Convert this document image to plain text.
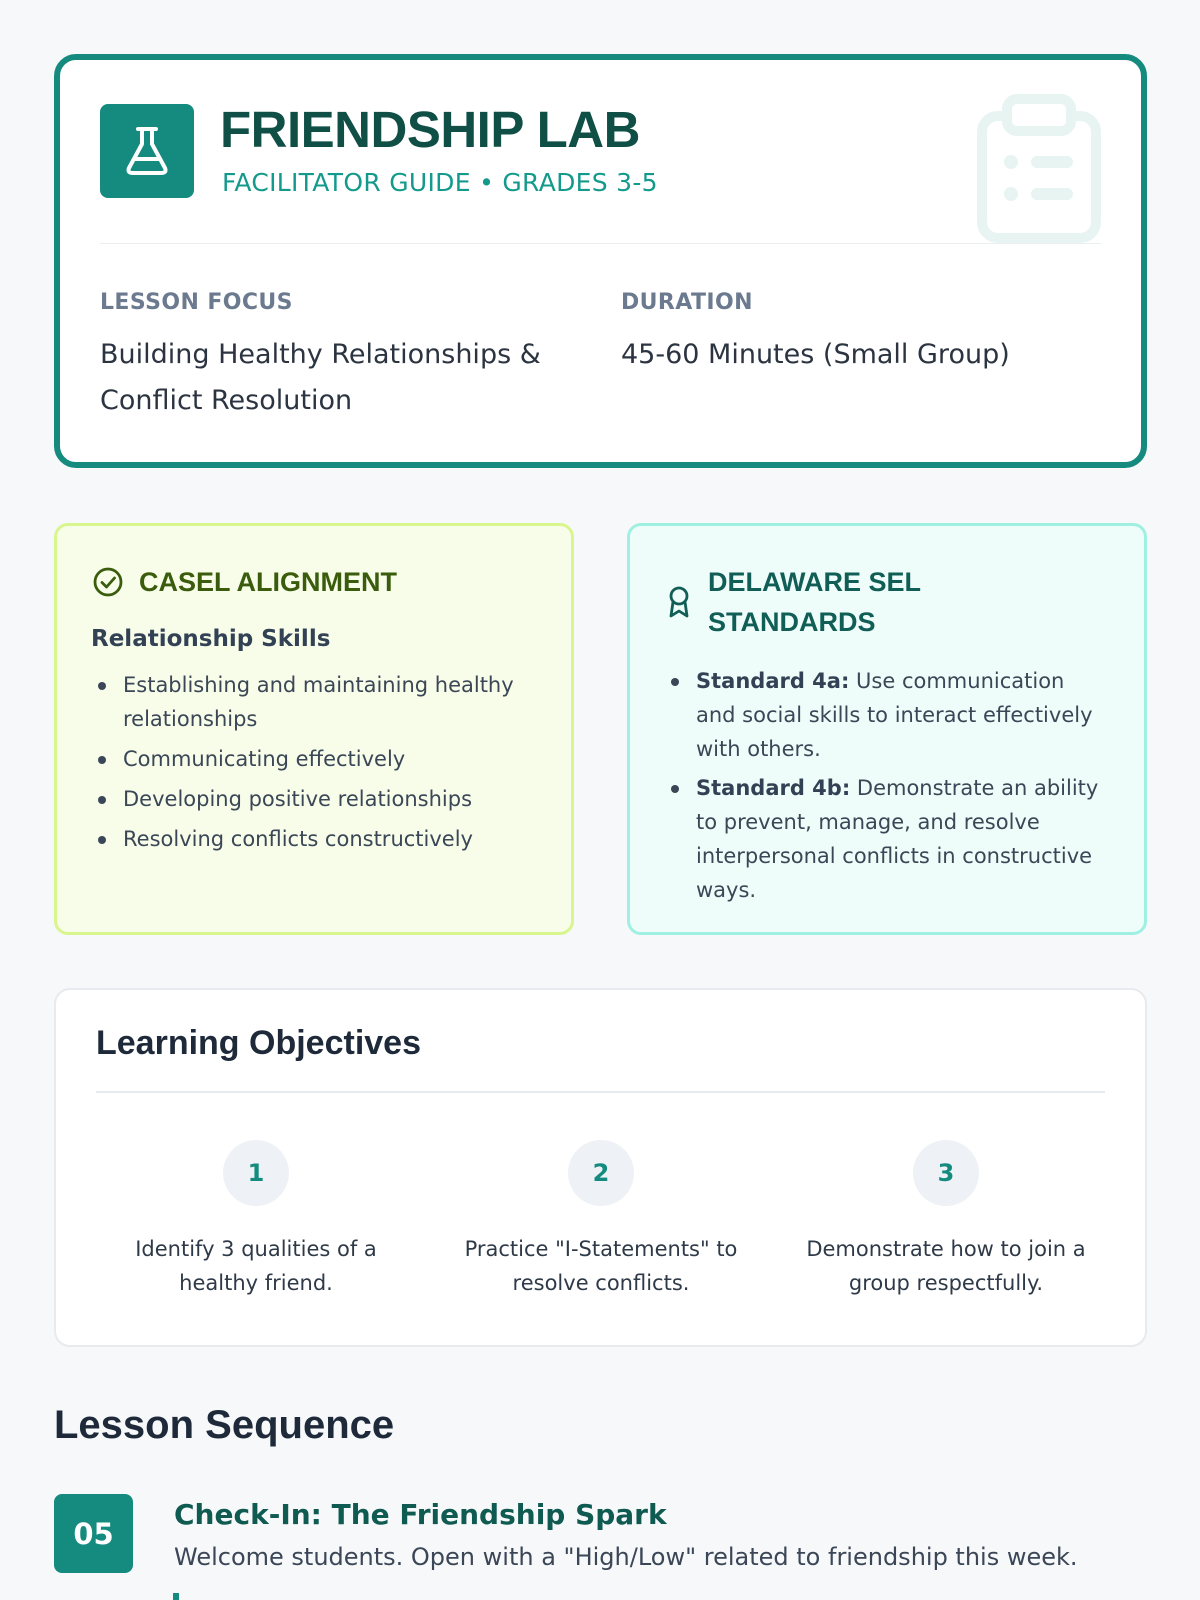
FRIENDSHIP LAB
FACILITATOR GUIDE • GRADES 3-5
LESSON FOCUS
Building Healthy Relationships & Conflict Resolution
DURATION
45-60 Minutes (Small Group)
CASEL ALIGNMENT
Relationship Skills
Establishing and maintaining healthy relationships
Communicating effectively
Developing positive relationships
Resolving conflicts constructively
DELAWARE SEL STANDARDS
Standard 4a: Use communication and social skills to interact effectively with others.
Standard 4b: Demonstrate an ability to prevent, manage, and resolve interpersonal conflicts in constructive ways.
Learning Objectives
1
Identify 3 qualities of a healthy friend.
2
Practice "I-Statements" to resolve conflicts.
3
Demonstrate how to join a group respectfully.
Lesson Sequence
05
Check-In: The Friendship Spark
Welcome students. Open with a "High/Low" related to friendship this week.
